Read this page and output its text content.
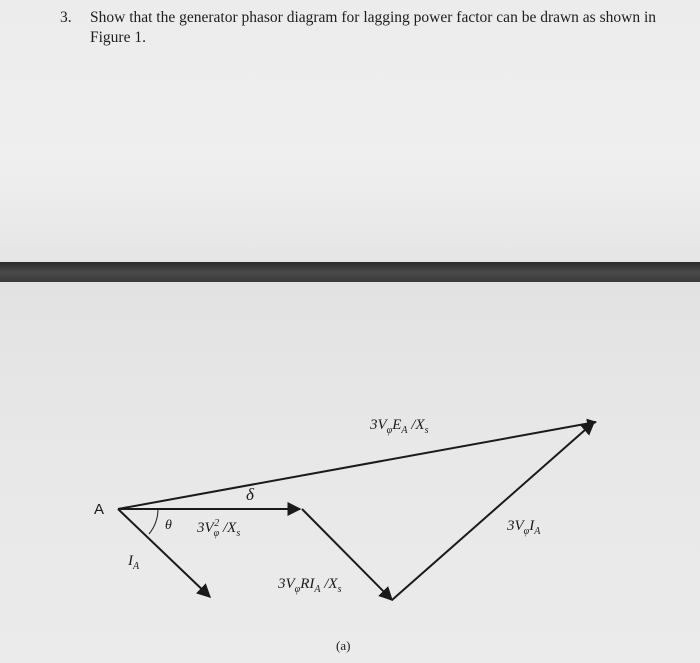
3. Show that the generator phasor diagram for lagging power factor can be drawn as shown in Figure 1.
A
δ
θ
$I_A$
$3V_\varphi 2$ $/X_s$
$3V_\varphi RI_A$ $/X_s$
$3V_\varphi I_A$
$3V_\varphi E_A$ $/X_s$
(a)
